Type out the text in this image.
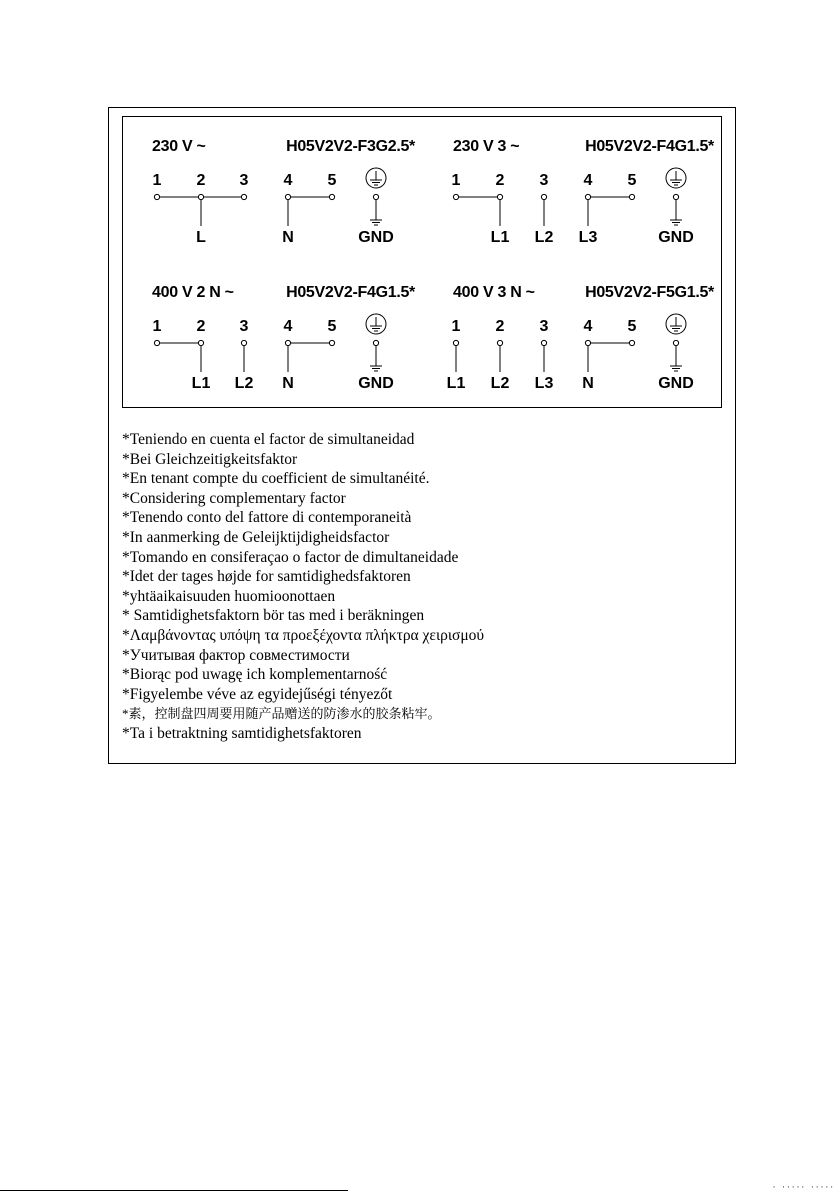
230 V ~	H05V2V2-F3G2.5*
1 2 3 4 5
L	N	GND
230 V 3 ~	H05V2V2-F4G1.5*
1 2 3 4 5
L1 L2 L3	GND
400 V 2 N ~	H05V2V2-F4G1.5*
1 2 3 4 5
L1 L2 N	GND
400 V 3 N ~	H05V2V2-F5G1.5*
1 2 3 4 5
L1 L2 L3 N	GND
*Teniendo en cuenta el factor de simultaneidad
*Bei Gleichzeitigkeitsfaktor
*En tenant compte du coefficient de simultanéité.
*Considering complementary factor
*Tenendo conto del fattore di contemporaneità
*In aanmerking de Geleijktijdigheidsfactor
*Tomando en consiferaçao o factor de dimultaneidade
*Idet der tages højde for samtidighedsfaktoren
*yhtäaikaisuuden huomioonottaen
* Samtidighetsfaktorn bör tas med i beräkningen
*Λαμβάνοντας υπόψη τα προεξέχοντα πλήκτρα χειρισμού
*Учитывая фактор совместимости
*Biorąc pod uwagę ich komplementarność
*Figyelembe véve az egyidejűségi tényezőt
*素，控制盘四周要用随产品赠送的防渗水的胶条粘牢。
*Ta i betraktning samtidighetsfaktoren
· ····· ·····
